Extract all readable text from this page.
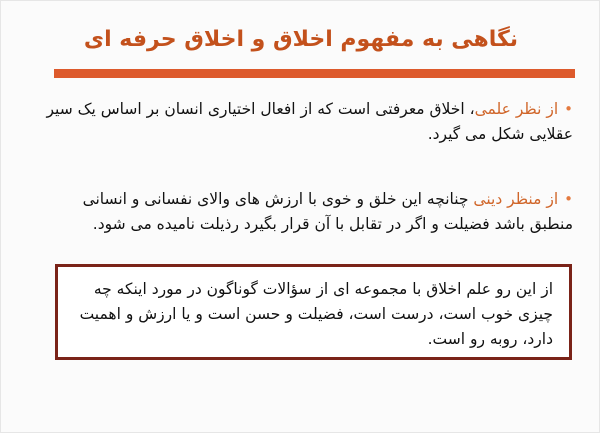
نگاهی به مفهوم اخلاق و اخلاق حرفه ای
•از نظر علمی، اخلاق معرفتی است که از افعال اختیاری انسان بر اساس یک سیر عقلایی شکل می گیرد.
•از منظر دینی چنانچه این خلق و خوی با ارزش های والای نفسانی و انسانی منطبق باشد فضیلت و اگر در تقابل با آن قرار بگیرد رذیلت نامیده می شود.
از این رو علم اخلاق با مجموعه ای از سؤالات گوناگون در مورد اینکه چه چیزی خوب است، درست است، فضیلت و حسن است و یا ارزش و اهمیت دارد، روبه رو است.
